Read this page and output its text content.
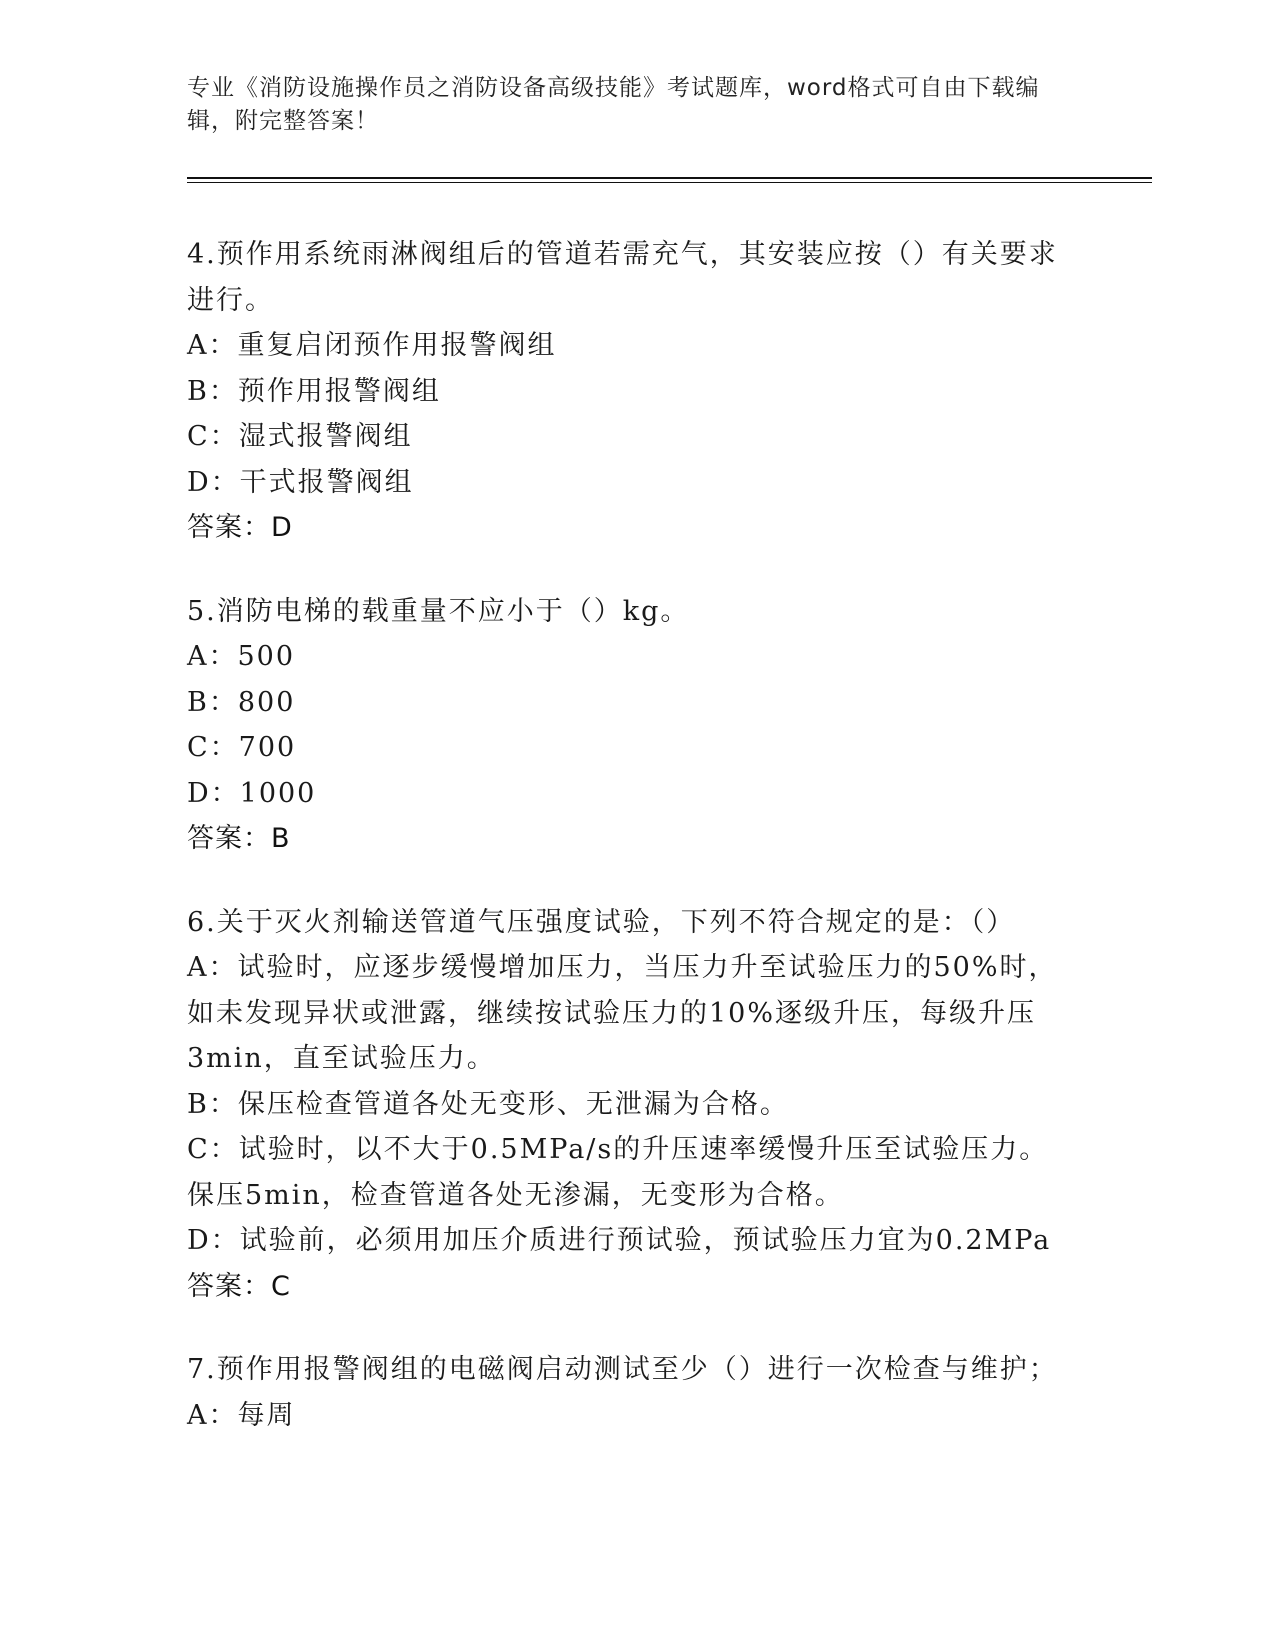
专业《消防设施操作员之消防设备高级技能》考试题库，word格式可自由下载编辑，附完整答案！

4.预作用系统雨淋阀组后的管道若需充气，其安装应按（）有关要求进行。

A：重复启闭预作用报警阀组

B：预作用报警阀组

C：湿式报警阀组

D：干式报警阀组

答案：D

5.消防电梯的载重量不应小于（）kg。

A：500

B：800

C：700

D：1000

答案：B

6.关于灭火剂输送管道气压强度试验，下列不符合规定的是：（）

A：试验时，应逐步缓慢增加压力，当压力升至试验压力的50%时，如未发现异状或泄露，继续按试验压力的10%逐级升压，每级升压3min，直至试验压力。

B：保压检查管道各处无变形、无泄漏为合格。

C：试验时，以不大于0.5MPa/s的升压速率缓慢升压至试验压力。保压5min，检查管道各处无渗漏，无变形为合格。

D：试验前，必须用加压介质进行预试验，预试验压力宜为0.2MPa

答案：C

7.预作用报警阀组的电磁阀启动测试至少（）进行一次检查与维护；

A：每周
